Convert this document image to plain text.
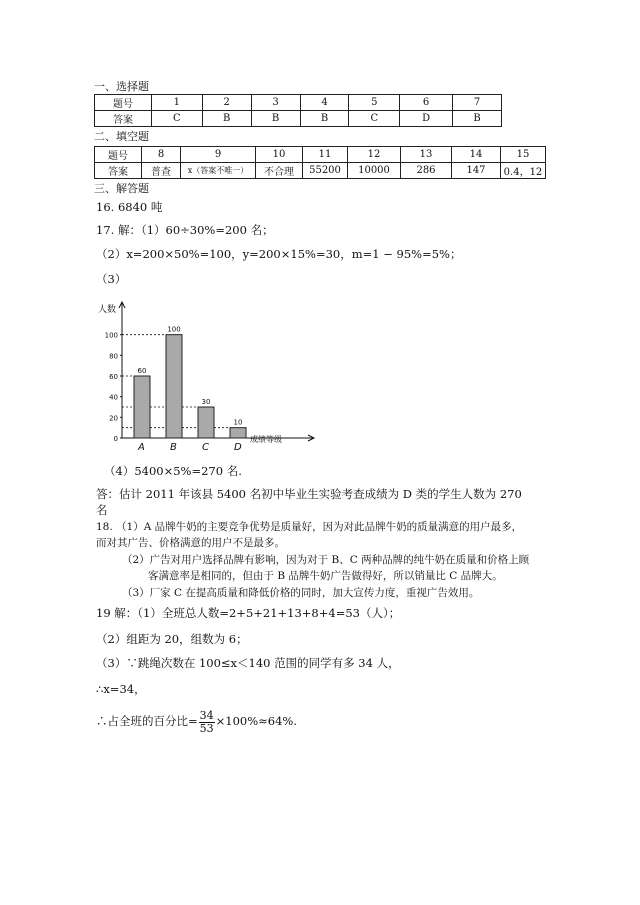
一、选择题
题号	1	2	3	4	5	6	7
答案	C	B	B	B	C	D	B
二、填空题
题号	8	9	10	11	12	13	14	15
答案	普查	x（答案不唯一）	不合理	55200	10000	286	147	0.4，12
三、解答题
16. 6840 吨
17. 解：（1）60÷30%=200 名；
（2）x=200×50%=100，y=200×15%=30，m=1 − 95%=5%；
（3）
人数
成绩等级
0
20
40
60
80
100
60
A
100
B
30
C
10
D
（4）5400×5%=270 名.
答：估计 2011 年该县 5400 名初中毕业生实验考查成绩为 D 类的学生人数为 270
名
18. （1）A 品牌牛奶的主要竞争优势是质量好，因为对此品牌牛奶的质量满意的用户最多，
而对其广告、价格满意的用户不是最多。
（2）广告对用户选择品牌有影响，因为对于 B、C 两种品牌的纯牛奶在质量和价格上顾
客满意率是相同的，但由于 B 品牌牛奶广告做得好，所以销量比 C 品牌大。
（3）厂家 C 在提高质量和降低价格的同时，加大宣传力度，重视广告效用。
19 解：（1）全班总人数=2+5+21+13+8+4=53（人）；
（2）组距为 20，组数为 6；
（3）∵跳绳次数在 100≤x＜140 范围的同学有多 34 人，
∴x=34，
∴占全班的百分比= $\frac{34}{53} \times 100\%\approx 64\%$.
